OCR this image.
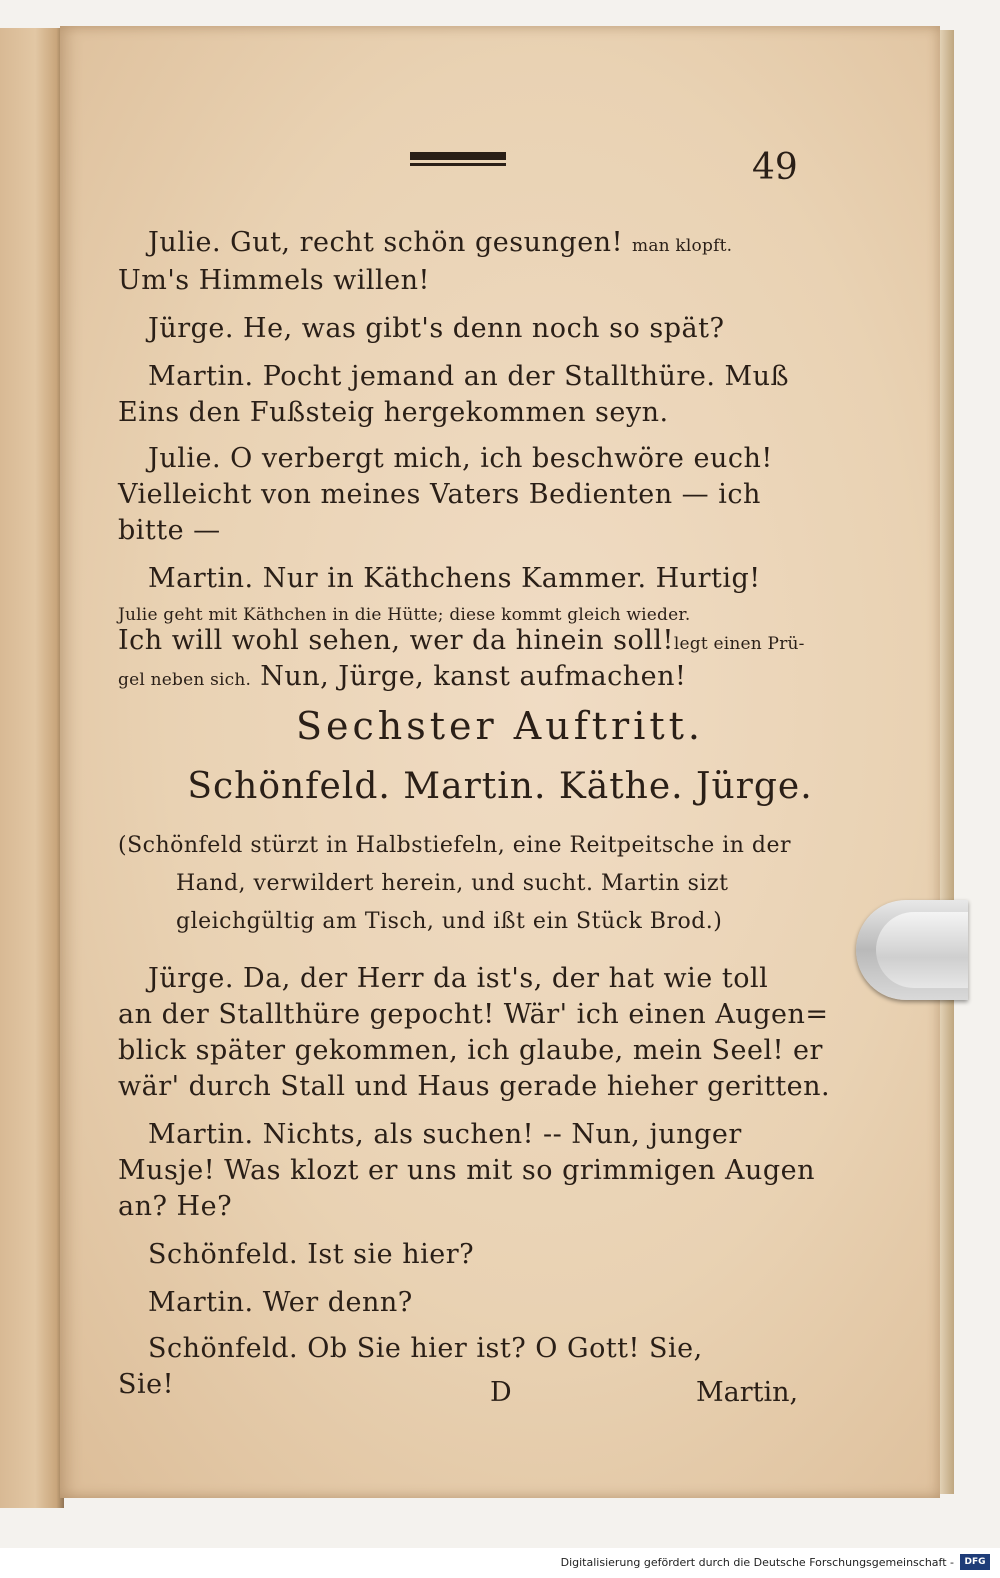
49
Julie. Gut, recht schön gesungen! man klopft.
Um's Himmels willen!
Jürge. He, was gibt's denn noch so spät?
Martin. Pocht jemand an der Stallthüre. Muß
Eins den Fußsteig hergekommen seyn.
Julie. O verbergt mich, ich beschwöre euch!
Vielleicht von meines Vaters Bedienten — ich
bitte —
Martin. Nur in Käthchens Kammer. Hurtig!
Julie geht mit Käthchen in die Hütte; diese kommt gleich wieder.
Ich will wohl sehen, wer da hinein soll!legt einen Prü-
gel neben sich. Nun, Jürge, kanst aufmachen!
Sechster Auftritt.
Schönfeld. Martin. Käthe. Jürge.
(Schönfeld stürzt in Halbstiefeln, eine Reitpeitsche in der
Hand, verwildert herein, und sucht. Martin sizt
gleichgültig am Tisch, und ißt ein Stück Brod.)
Jürge. Da, der Herr da ist's, der hat wie toll
an der Stallthüre gepocht! Wär' ich einen Augen=
blick später gekommen, ich glaube, mein Seel! er
wär' durch Stall und Haus gerade hieher geritten.
Martin. Nichts, als suchen! -- Nun, junger
Musje! Was klozt er uns mit so grimmigen Augen
an? He?
Schönfeld. Ist sie hier?
Martin. Wer denn?
Schönfeld. Ob Sie hier ist? O Gott! Sie,
Sie!	D	Martin,
Digitalisierung gefördert durch die Deutsche Forschungsgemeinschaft -	DFG
